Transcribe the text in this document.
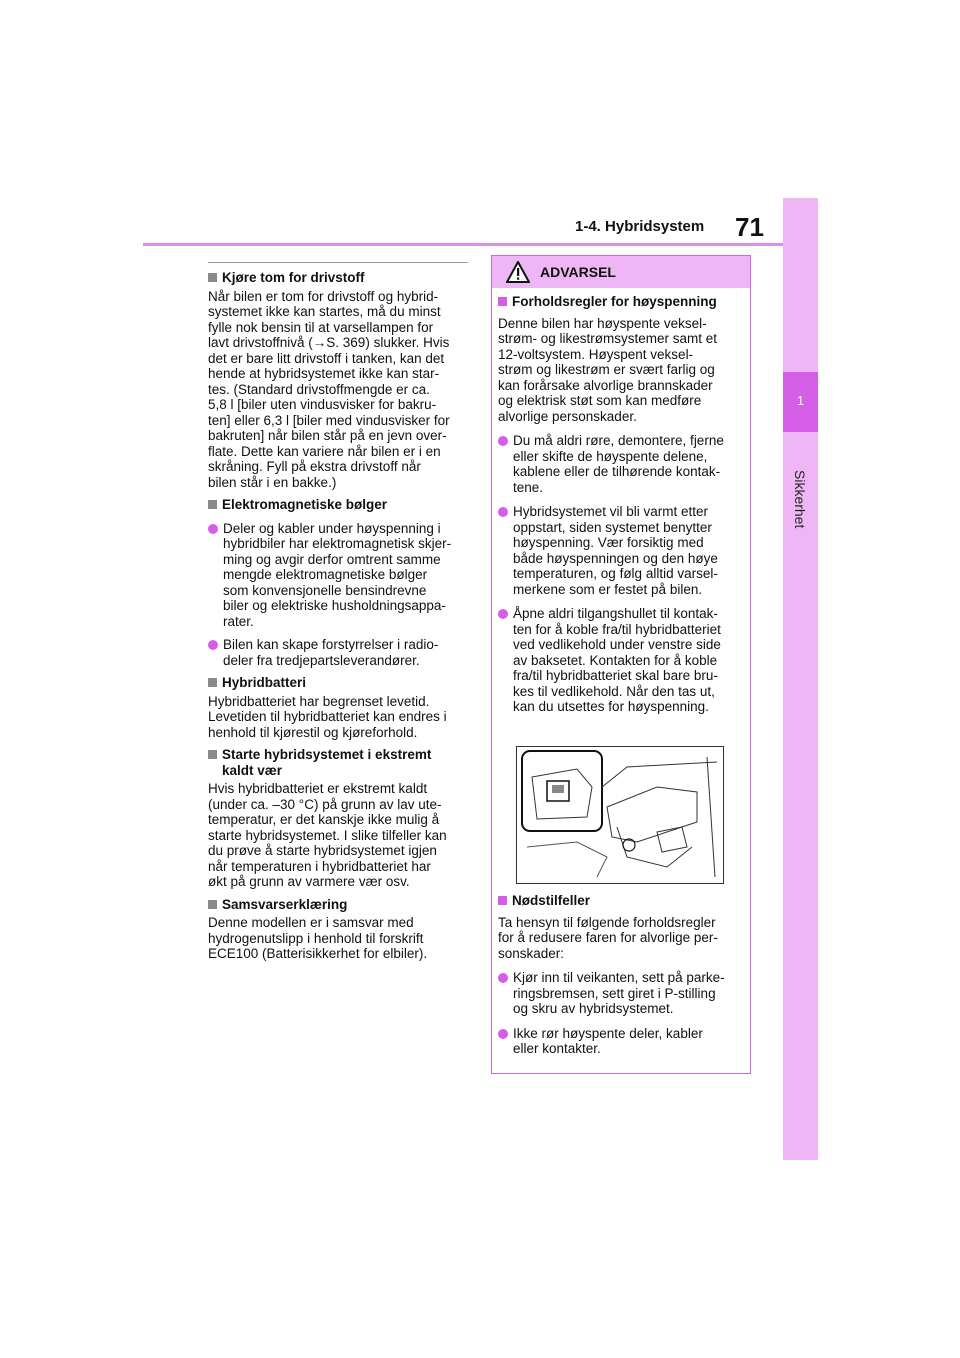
1-4. Hybridsystem 71
1
Sikkerhet
Kjøre tom for drivstoff
Når bilen er tom for drivstoff og hybrid-
systemet ikke kan startes, må du minst
fylle nok bensin til at varsellampen for
lavt drivstoffnivå (→S. 369) slukker. Hvis
det er bare litt drivstoff i tanken, kan det
hende at hybridsystemet ikke kan star-
tes. (Standard drivstoffmengde er ca.
5,8 l [biler uten vindusvisker for bakru-
ten] eller 6,3 l [biler med vindusvisker for
bakruten] når bilen står på en jevn over-
flate. Dette kan variere når bilen er i en
skråning. Fyll på ekstra drivstoff når
bilen står i en bakke.)
Elektromagnetiske bølger
Deler og kabler under høyspenning i
hybridbiler har elektromagnetisk skjer-
ming og avgir derfor omtrent samme
mengde elektromagnetiske bølger
som konvensjonelle bensindrevne
biler og elektriske husholdningsappa-
rater.
Bilen kan skape forstyrrelser i radio-
deler fra tredjepartsleverandører.
Hybridbatteri
Hybridbatteriet har begrenset levetid.
Levetiden til hybridbatteriet kan endres i
henhold til kjørestil og kjøreforhold.
Starte hybridsystemet i ekstremt
kaldt vær
Hvis hybridbatteriet er ekstremt kaldt
(under ca. –30 °C) på grunn av lav ute-
temperatur, er det kanskje ikke mulig å
starte hybridsystemet. I slike tilfeller kan
du prøve å starte hybridsystemet igjen
når temperaturen i hybridbatteriet har
økt på grunn av varmere vær osv.
Samsvarserklæring
Denne modellen er i samsvar med
hydrogenutslipp i henhold til forskrift
ECE100 (Batterisikkerhet for elbiler).
ADVARSEL
Forholdsregler for høyspenning
Denne bilen har høyspente veksel-
strøm- og likestrømsystemer samt et
12-voltsystem. Høyspent veksel-
strøm og likestrøm er svært farlig og
kan forårsake alvorlige brannskader
og elektrisk støt som kan medføre
alvorlige personskader.
Du må aldri røre, demontere, fjerne
eller skifte de høyspente delene,
kablene eller de tilhørende kontak-
tene.
Hybridsystemet vil bli varmt etter
oppstart, siden systemet benytter
høyspenning. Vær forsiktig med
både høyspenningen og den høye
temperaturen, og følg alltid varsel-
merkene som er festet på bilen.
Åpne aldri tilgangshullet til kontak-
ten for å koble fra/til hybridbatteriet
ved vedlikehold under venstre side
av baksetet. Kontakten for å koble
fra/til hybridbatteriet skal bare bru-
kes til vedlikehold. Når den tas ut,
kan du utsettes for høyspenning.
Nødstilfeller
Ta hensyn til følgende forholdsregler
for å redusere faren for alvorlige per-
sonskader:
Kjør inn til veikanten, sett på parke-
ringsbremsen, sett giret i P-stilling
og skru av hybridsystemet.
Ikke rør høyspente deler, kabler
eller kontakter.
